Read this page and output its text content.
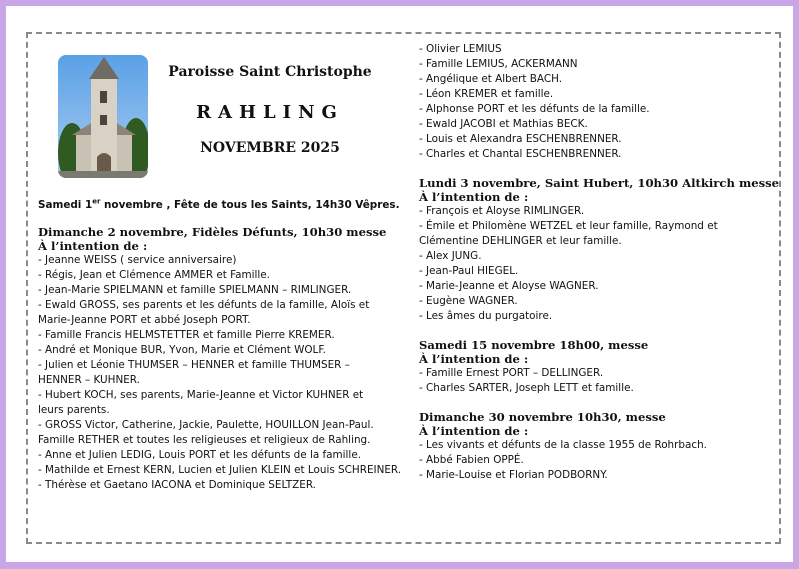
Paroisse Saint Christophe
RAHLING
NOVEMBRE 2025
Samedi 1er novembre , Fête de tous les Saints, 14h30 Vêpres.
Dimanche 2 novembre, Fidèles Défunts, 10h30 messe
À l’intention de :
- Jeanne WEISS ( service anniversaire)
- Régis, Jean et Clémence AMMER et Famille.
- Jean-Marie SPIELMANN et famille SPIELMANN – RIMLINGER.
- Ewald GROSS, ses parents et les défunts de la famille, Aloïs et Marie-Jeanne PORT et abbé Joseph PORT.
- Famille Francis HELMSTETTER et famille Pierre KREMER.
- André et Monique BUR, Yvon, Marie et Clément WOLF.
- Julien et Léonie THUMSER – HENNER et famille THUMSER – HENNER – KUHNER.
- Hubert KOCH, ses parents, Marie-Jeanne et Victor KUHNER et leurs parents.
- GROSS Victor, Catherine, Jackie, Paulette, HOUILLON Jean-Paul. Famille RETHER et toutes les religieuses et religieux de Rahling.
- Anne et Julien LEDIG, Louis PORT et les défunts de la famille.
- Mathilde et Ernest KERN, Lucien et Julien KLEIN et Louis SCHREINER.
- Thérèse et Gaetano IACONA et Dominique SELTZER.
- Olivier LEMIUS
- Famille LEMIUS, ACKERMANN
- Angélique et Albert BACH.
- Léon KREMER et famille.
- Alphonse PORT et les défunts de la famille.
- Ewald JACOBI et Mathias BECK.
- Louis et Alexandra ESCHENBRENNER.
- Charles et Chantal ESCHENBRENNER.
Lundi 3 novembre, Saint Hubert, 10h30 Altkirch messe
À l’intention de :
- François et Aloyse RIMLINGER.
- Émile et Philomène WETZEL et leur famille, Raymond et Clémentine DEHLINGER et leur famille.
- Alex JUNG.
- Jean-Paul HIEGEL.
- Marie-Jeanne et Aloyse WAGNER.
- Eugène WAGNER.
- Les âmes du purgatoire.
Samedi 15 novembre 18h00, messe
À l’intention de :
- Famille Ernest PORT – DELLINGER.
- Charles SARTER, Joseph LETT et famille.
Dimanche 30 novembre 10h30, messe
À l’intention de :
- Les vivants et défunts de la classe 1955 de Rohrbach.
- Abbé Fabien OPPÉ.
- Marie-Louise et Florian PODBORNY.
